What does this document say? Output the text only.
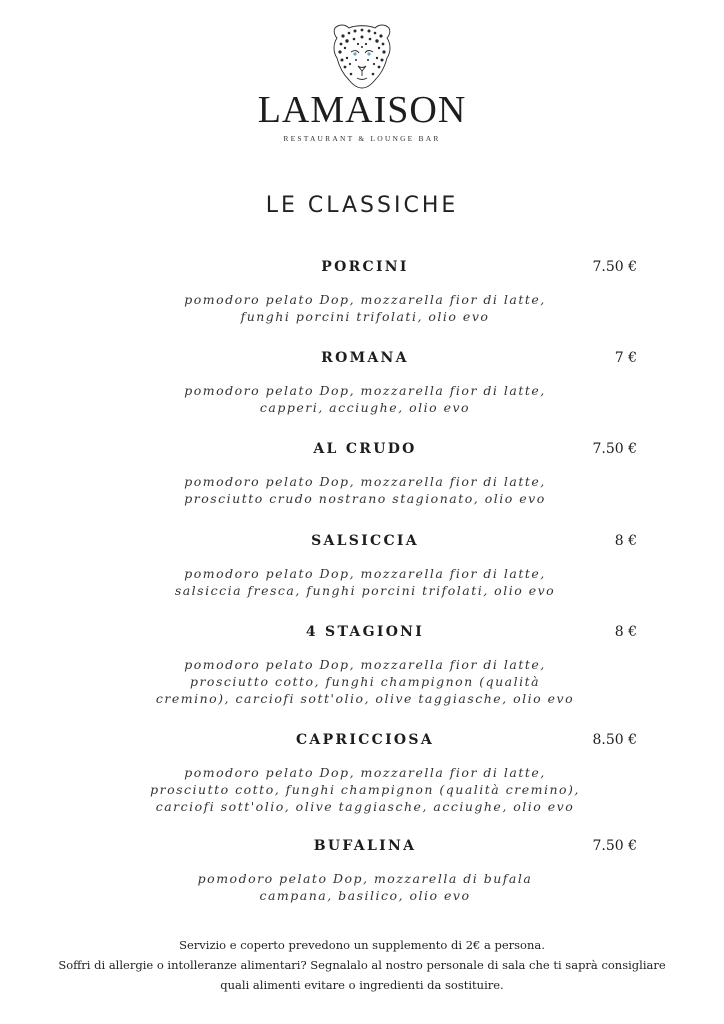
LAMAISON
RESTAURANT & LOUNGE BAR
LE CLASSICHE
PORCINI	7.50 €
pomodoro pelato Dop, mozzarella fior di latte,
funghi porcini trifolati, olio evo
ROMANA	7 €
pomodoro pelato Dop, mozzarella fior di latte,
capperi, acciughe, olio evo
AL CRUDO	7.50 €
pomodoro pelato Dop, mozzarella fior di latte,
prosciutto crudo nostrano stagionato, olio evo
SALSICCIA	8 €
pomodoro pelato Dop, mozzarella fior di latte,
salsiccia fresca, funghi porcini trifolati, olio evo
4 STAGIONI	8 €
pomodoro pelato Dop, mozzarella fior di latte,
prosciutto cotto, funghi champignon (qualità
cremino), carciofi sott'olio, olive taggiasche, olio evo
CAPRICCIOSA	8.50 €
pomodoro pelato Dop, mozzarella fior di latte,
prosciutto cotto, funghi champignon (qualità cremino),
carciofi sott'olio, olive taggiasche, acciughe, olio evo
BUFALINA	7.50 €
pomodoro pelato Dop, mozzarella di bufala
campana, basilico, olio evo
Servizio e coperto prevedono un supplemento di 2€ a persona.
Soffri di allergie o intolleranze alimentari? Segnalalo al nostro personale di sala che ti saprà consigliare
quali alimenti evitare o ingredienti da sostituire.
